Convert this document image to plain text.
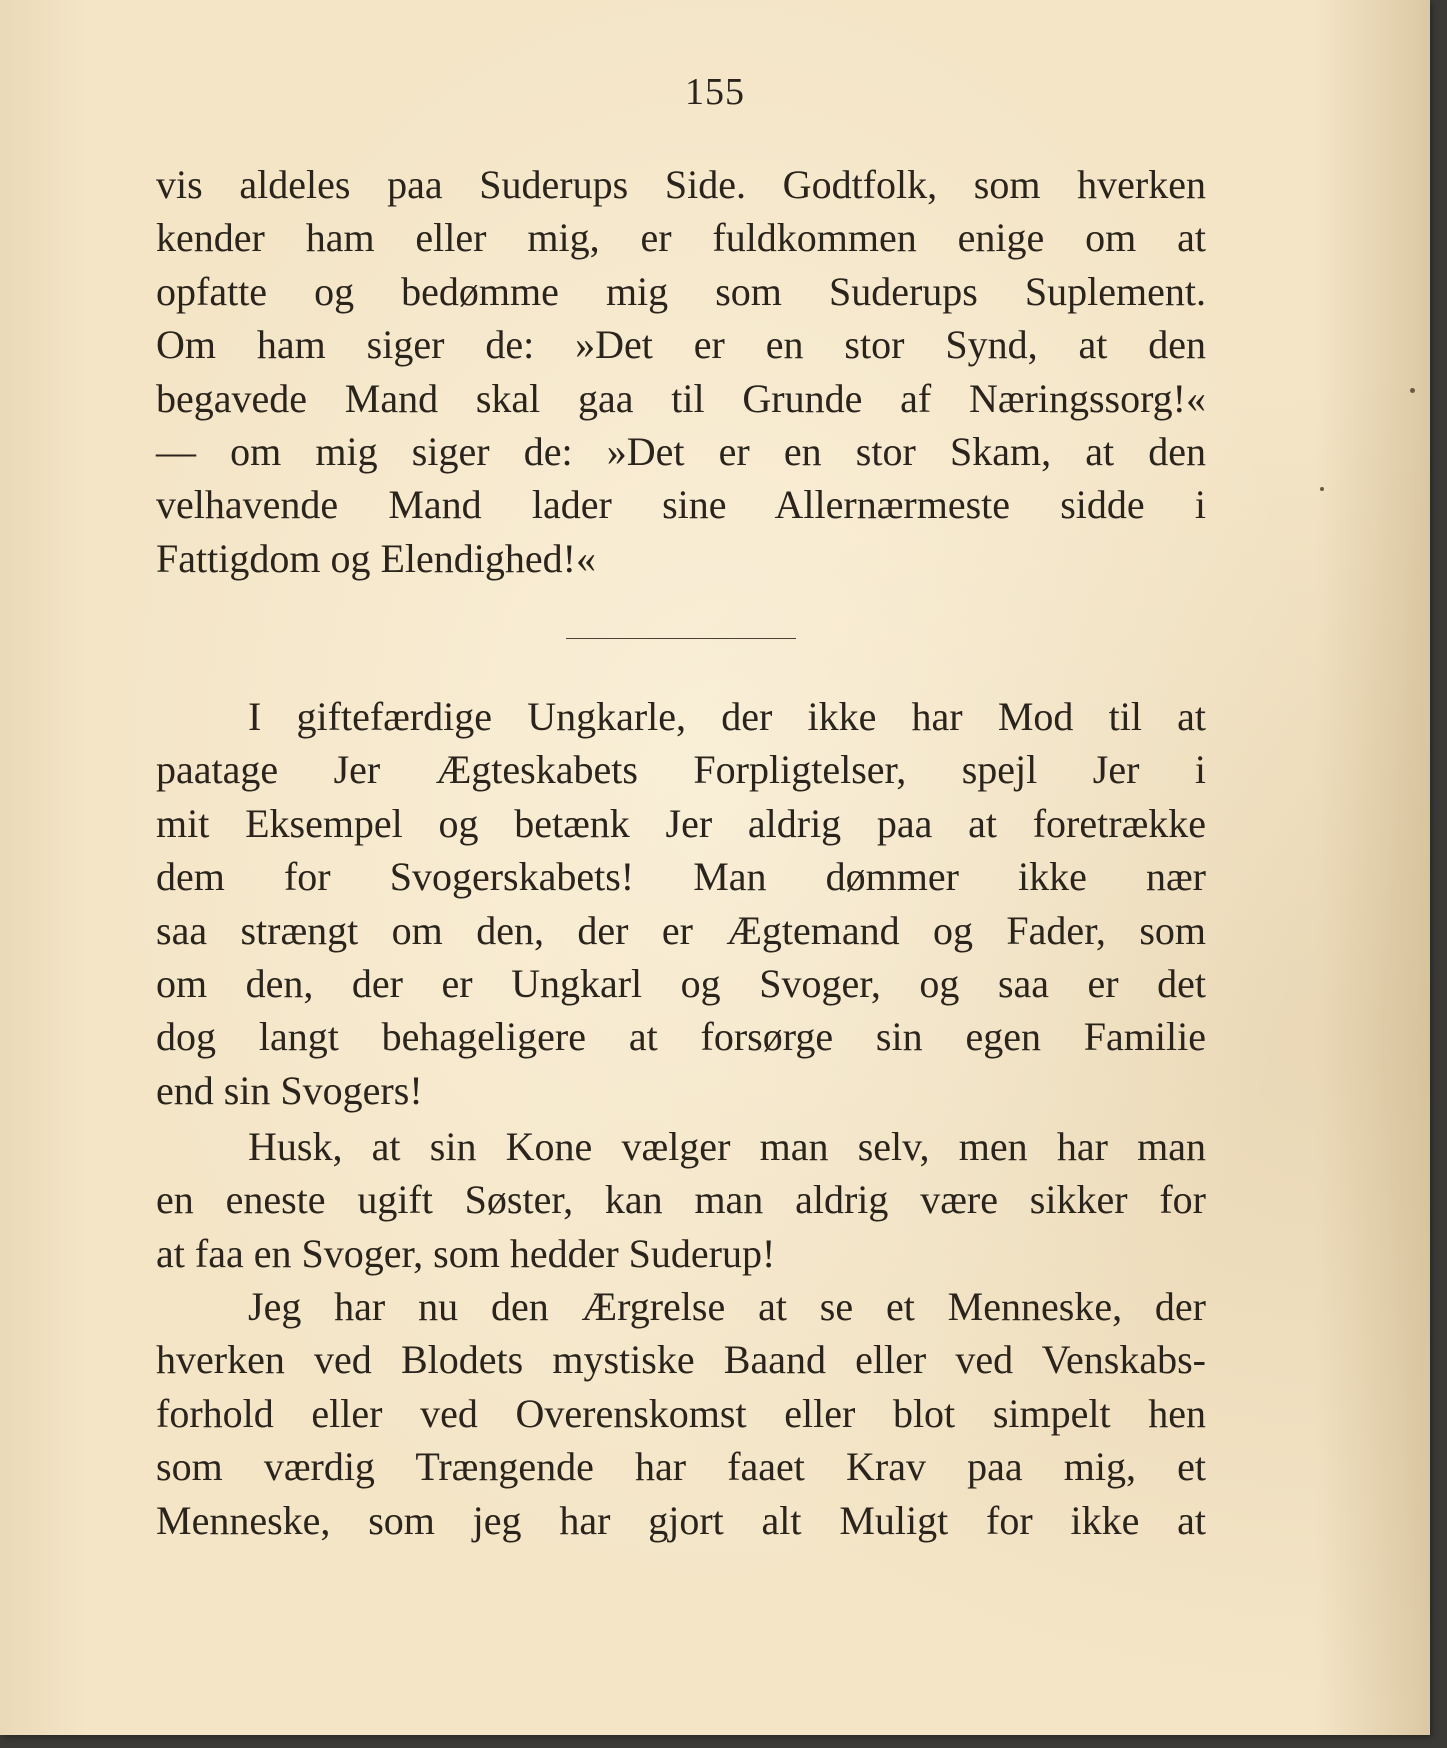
155
vis aldeles paa Suderups Side. Godtfolk, som hverken
kender ham eller mig, er fuldkommen enige om at
opfatte og bedømme mig som Suderups Suplement.
Om ham siger de: »Det er en stor Synd, at den
begavede Mand skal gaa til Grunde af Næringssorg!«
— om mig siger de: »Det er en stor Skam, at den
velhavende Mand lader sine Allernærmeste sidde i
Fattigdom og Elendighed!«
I giftefærdige Ungkarle, der ikke har Mod til at
paatage Jer Ægteskabets Forpligtelser, spejl Jer i
mit Eksempel og betænk Jer aldrig paa at foretrække
dem for Svogerskabets! Man dømmer ikke nær
saa strængt om den, der er Ægtemand og Fader, som
om den, der er Ungkarl og Svoger, og saa er det
dog langt behageligere at forsørge sin egen Familie
end sin Svogers!
Husk, at sin Kone vælger man selv, men har man
en eneste ugift Søster, kan man aldrig være sikker for
at faa en Svoger, som hedder Suderup!
Jeg har nu den Ærgrelse at se et Menneske, der
hverken ved Blodets mystiske Baand eller ved Venskabs-
forhold eller ved Overenskomst eller blot simpelt hen
som værdig Trængende har faaet Krav paa mig, et
Menneske, som jeg har gjort alt Muligt for ikke at
